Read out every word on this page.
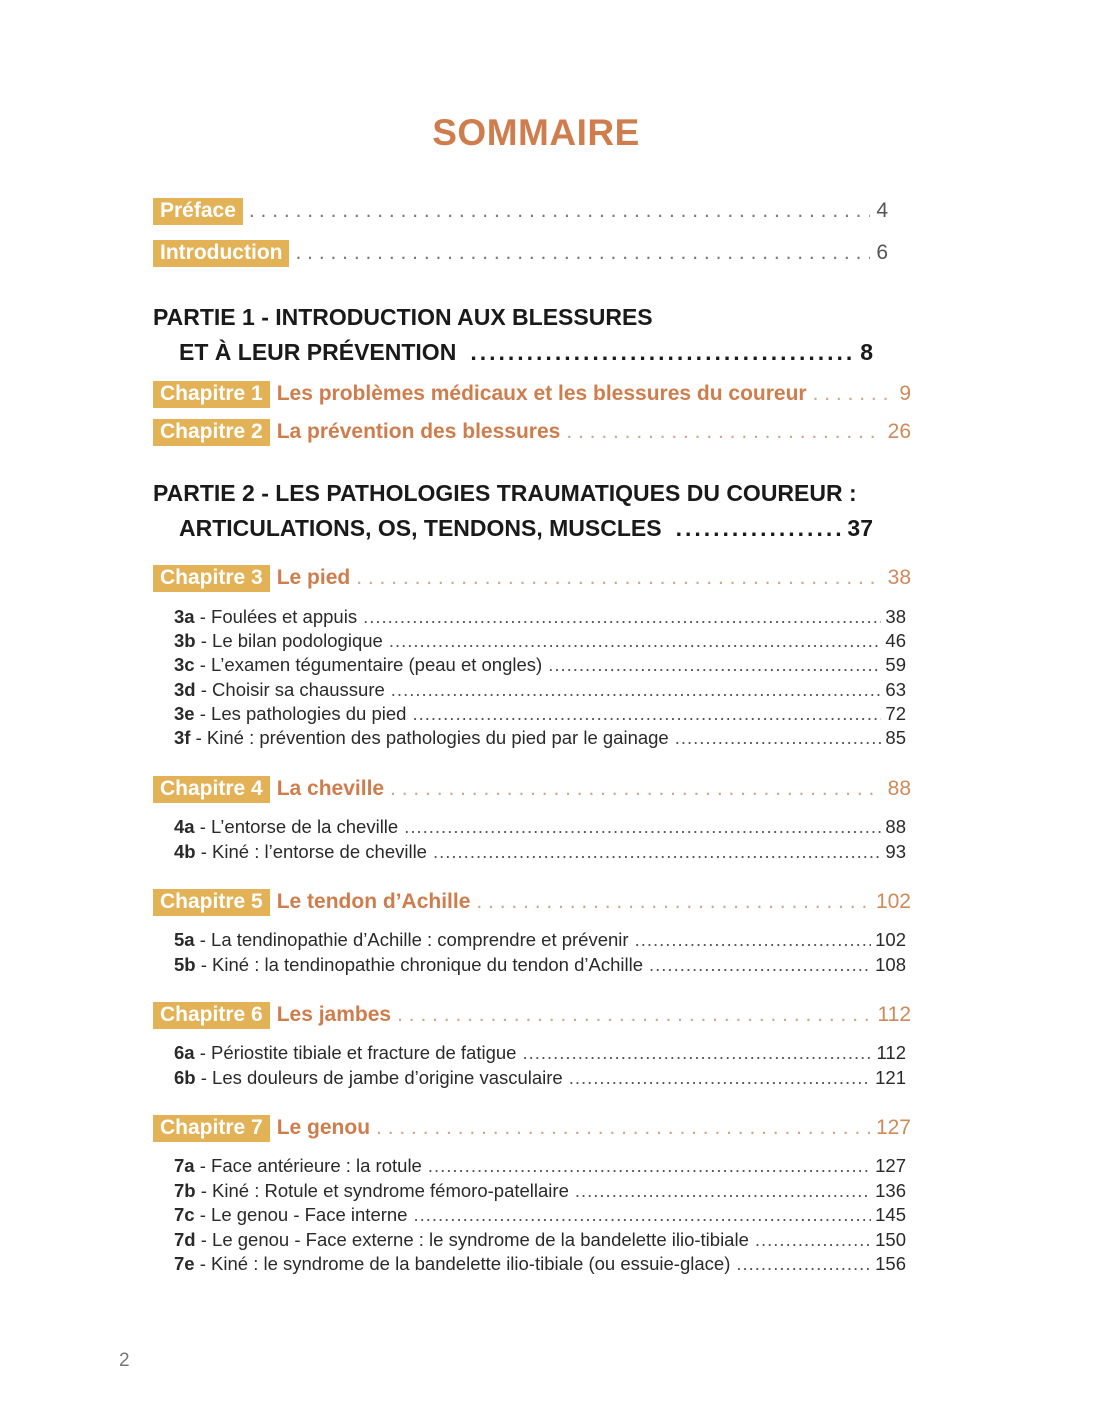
SOMMAIRE
Préface . . .	4
Introduction . . .	6
PARTIE 1 - INTRODUCTION AUX BLESSURES
ET À LEUR PRÉVENTION .....	8
Chapitre 1 Les problèmes médicaux et les blessures du coureur . . .	9
Chapitre 2 La prévention des blessures . . .	26
PARTIE 2 - LES PATHOLOGIES TRAUMATIQUES DU COUREUR :
ARTICULATIONS, OS, TENDONS, MUSCLES .....	37
Chapitre 3 Le pied . . .	38
3a - Foulées et appuis .....	38
3b - Le bilan podologique .....	46
3c - L’examen tégumentaire (peau et ongles) .....	59
3d - Choisir sa chaussure .....	63
3e - Les pathologies du pied .....	72
3f - Kiné : prévention des pathologies du pied par le gainage .....	85
Chapitre 4 La cheville . . .	88
4a - L’entorse de la cheville .....	88
4b - Kiné : l’entorse de cheville .....	93
Chapitre 5 Le tendon d’Achille . . .	102
5a - La tendinopathie d’Achille : comprendre et prévenir .....	102
5b - Kiné : la tendinopathie chronique du tendon d’Achille .....	108
Chapitre 6 Les jambes . . .	112
6a - Périostite tibiale et fracture de fatigue .....	112
6b - Les douleurs de jambe d’origine vasculaire .....	121
Chapitre 7 Le genou . . .	127
7a - Face antérieure : la rotule .....	127
7b - Kiné : Rotule et syndrome fémoro-patellaire .....	136
7c - Le genou - Face interne .....	145
7d - Le genou - Face externe : le syndrome de la bandelette ilio-tibiale .....	150
7e - Kiné : le syndrome de la bandelette ilio-tibiale (ou essuie-glace) .....	156
2
